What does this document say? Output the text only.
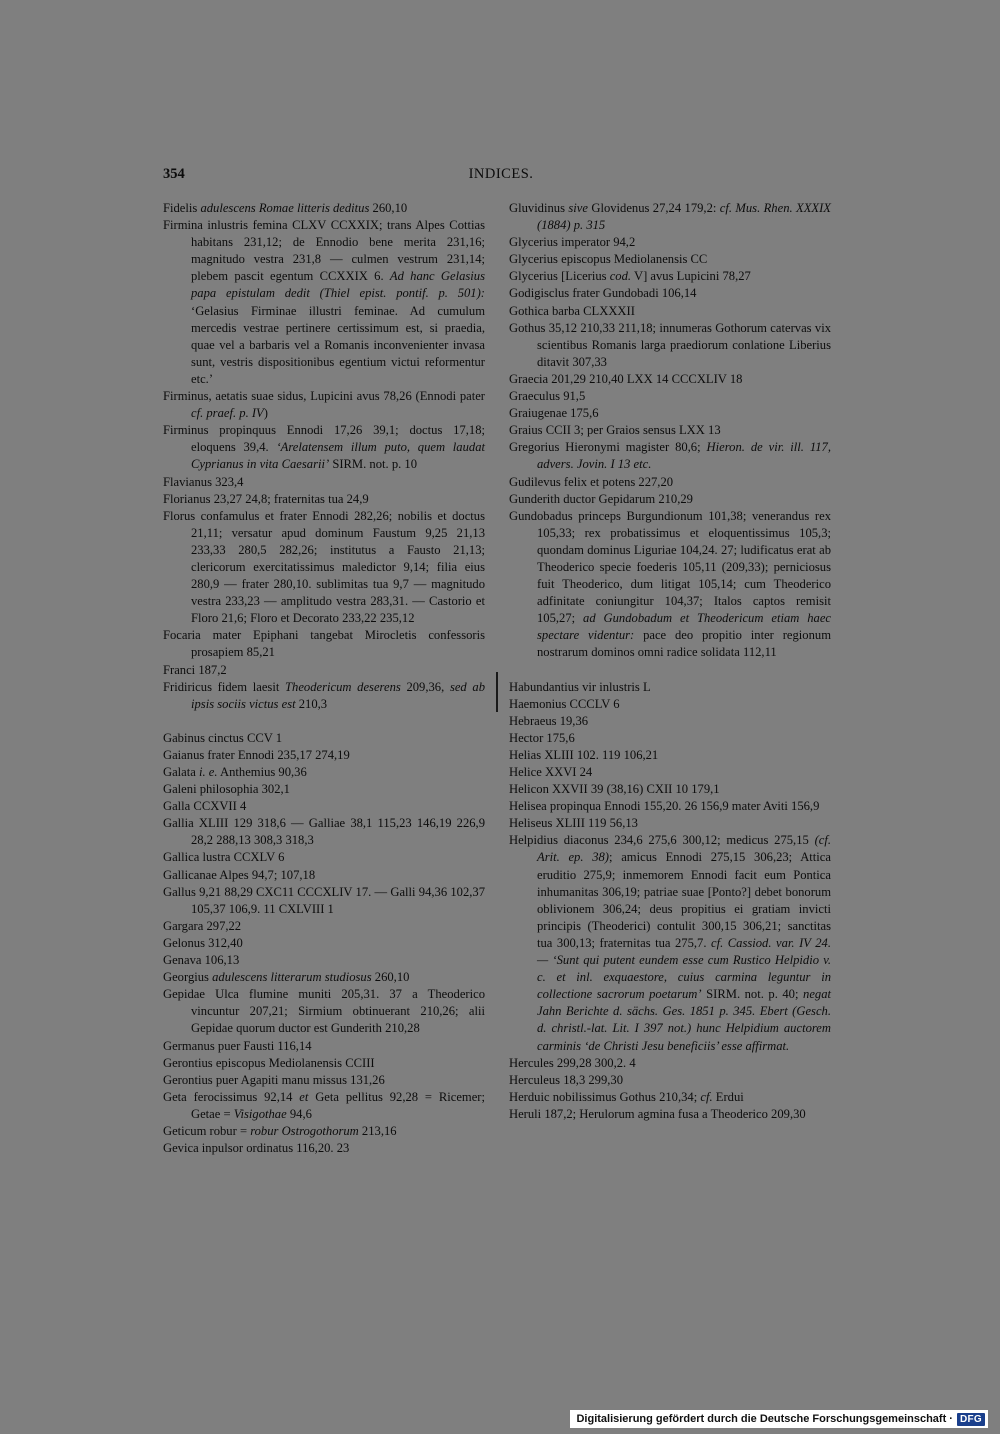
354	INDICES.

Fidelis adulescens Romae litteris deditus 260,10

Firmina inlustris femina CLXV CCXXIX; trans Alpes Cottias habitans 231,12; de Ennodio bene merita 231,16; magnitudo vestra 231,8 — culmen vestrum 231,14; plebem pascit egentum CCXXIX 6. Ad hanc Gelasius papa epistulam dedit (Thiel epist. pontif. p. 501): ‘Gelasius Firminae illustri feminae. Ad cumulum mercedis vestrae pertinere certissimum est, si praedia, quae vel a barbaris vel a Romanis inconvenienter invasa sunt, vestris dispositionibus egentium victui reformentur etc.’

Firminus, aetatis suae sidus, Lupicini avus 78,26 (Ennodi pater cf. praef. p. IV)

Firminus propinquus Ennodi 17,26 39,1; doctus 17,18; eloquens 39,4. ‘Arelatensem illum puto, quem laudat Cyprianus in vita Caesarii’ SIRM. not. p. 10

Flavianus 323,4

Florianus 23,27 24,8; fraternitas tua 24,9

Florus confamulus et frater Ennodi 282,26; nobilis et doctus 21,11; versatur apud dominum Faustum 9,25 21,13 233,33 280,5 282,26; institutus a Fausto 21,13; clericorum exercitatissimus maledictor 9,14; filia eius 280,9 — frater 280,10. sublimitas tua 9,7 — magnitudo vestra 233,23 — amplitudo vestra 283,31. — Castorio et Floro 21,6; Floro et Decorato 233,22 235,12

Focaria mater Epiphani tangebat Mirocletis confessoris prosapiem 85,21

Franci 187,2

Fridiricus fidem laesit Theodericum deserens 209,36, sed ab ipsis sociis victus est 210,3

Gabinus cinctus CCV 1

Gaianus frater Ennodi 235,17 274,19

Galata i. e. Anthemius 90,36

Galeni philosophia 302,1

Galla CCXVII 4

Gallia XLIII 129 318,6 — Galliae 38,1 115,23 146,19 226,9 28,2 288,13 308,3 318,3

Gallica lustra CCXLV 6

Gallicanae Alpes 94,7; 107,18

Gallus 9,21 88,29 CXC11 CCCXLIV 17. — Galli 94,36 102,37 105,37 106,9. 11 CXLVIII 1

Gargara 297,22

Gelonus 312,40

Genava 106,13

Georgius adulescens litterarum studiosus 260,10

Gepidae Ulca flumine muniti 205,31. 37 a Theoderico vincuntur 207,21; Sirmium obtinuerant 210,26; alii Gepidae quorum ductor est Gunderith 210,28

Germanus puer Fausti 116,14

Gerontius episcopus Mediolanensis CCIII

Gerontius puer Agapiti manu missus 131,26

Geta ferocissimus 92,14 et Geta pellitus 92,28 = Ricemer; Getae = Visigothae 94,6

Geticum robur = robur Ostrogothorum 213,16

Gevica inpulsor ordinatus 116,20. 23

Gluvidinus sive Glovidenus 27,24 179,2: cf. Mus. Rhen. XXXIX (1884) p. 315

Glycerius imperator 94,2

Glycerius episcopus Mediolanensis CC

Glycerius [Licerius cod. V] avus Lupicini 78,27

Godigisclus frater Gundobadi 106,14

Gothica barba CLXXXII

Gothus 35,12 210,33 211,18; innumeras Gothorum catervas vix scientibus Romanis larga praediorum conlatione Liberius ditavit 307,33

Graecia 201,29 210,40 LXX 14 CCCXLIV 18

Graeculus 91,5

Graiugenae 175,6

Graius CCII 3; per Graios sensus LXX 13

Gregorius Hieronymi magister 80,6; Hieron. de vir. ill. 117, advers. Jovin. I 13 etc.

Gudilevus felix et potens 227,20

Gunderith ductor Gepidarum 210,29

Gundobadus princeps Burgundionum 101,38; venerandus rex 105,33; rex probatissimus et eloquentissimus 105,3; quondam dominus Liguriae 104,24. 27; ludificatus erat ab Theoderico specie foederis 105,11 (209,33); perniciosus fuit Theoderico, dum litigat 105,14; cum Theoderico adfinitate coniungitur 104,37; Italos captos remisit 105,27; ad Gundobadum et Theodericum etiam haec spectare videntur: pace deo propitio inter regionum nostrarum dominos omni radice solidata 112,11

Habundantius vir inlustris L

Haemonius CCCLV 6

Hebraeus 19,36

Hector 175,6

Helias XLIII 102. 119 106,21

Helice XXVI 24

Helicon XXVII 39 (38,16) CXII 10 179,1

Helisea propinqua Ennodi 155,20. 26 156,9 mater Aviti 156,9

Heliseus XLIII 119 56,13

Helpidius diaconus 234,6 275,6 300,12; medicus 275,15 (cf. Arit. ep. 38); amicus Ennodi 275,15 306,23; Attica eruditio 275,9; inmemorem Ennodi facit eum Pontica inhumanitas 306,19; patriae suae [Ponto?] debet bonorum oblivionem 306,24; deus propitius ei gratiam invicti principis (Theoderici) contulit 300,15 306,21; sanctitas tua 300,13; fraternitas tua 275,7. cf. Cassiod. var. IV 24. — ‘Sunt qui putent eundem esse cum Rustico Helpidio v. c. et inl. exquaestore, cuius carmina leguntur in collectione sacrorum poetarum’ SIRM. not. p. 40; negat Jahn Berichte d. sächs. Ges. 1851 p. 345. Ebert (Gesch. d. christl.-lat. Lit. I 397 not.) hunc Helpidium auctorem carminis ‘de Christi Jesu beneficiis’ esse affirmat.

Hercules 299,28 300,2. 4

Herculeus 18,3 299,30

Herduic nobilissimus Gothus 210,34; cf. Erdui

Heruli 187,2; Herulorum agmina fusa a Theoderico 209,30

Digitalisierung gefördert durch die Deutsche Forschungsgemeinschaft · DFG
